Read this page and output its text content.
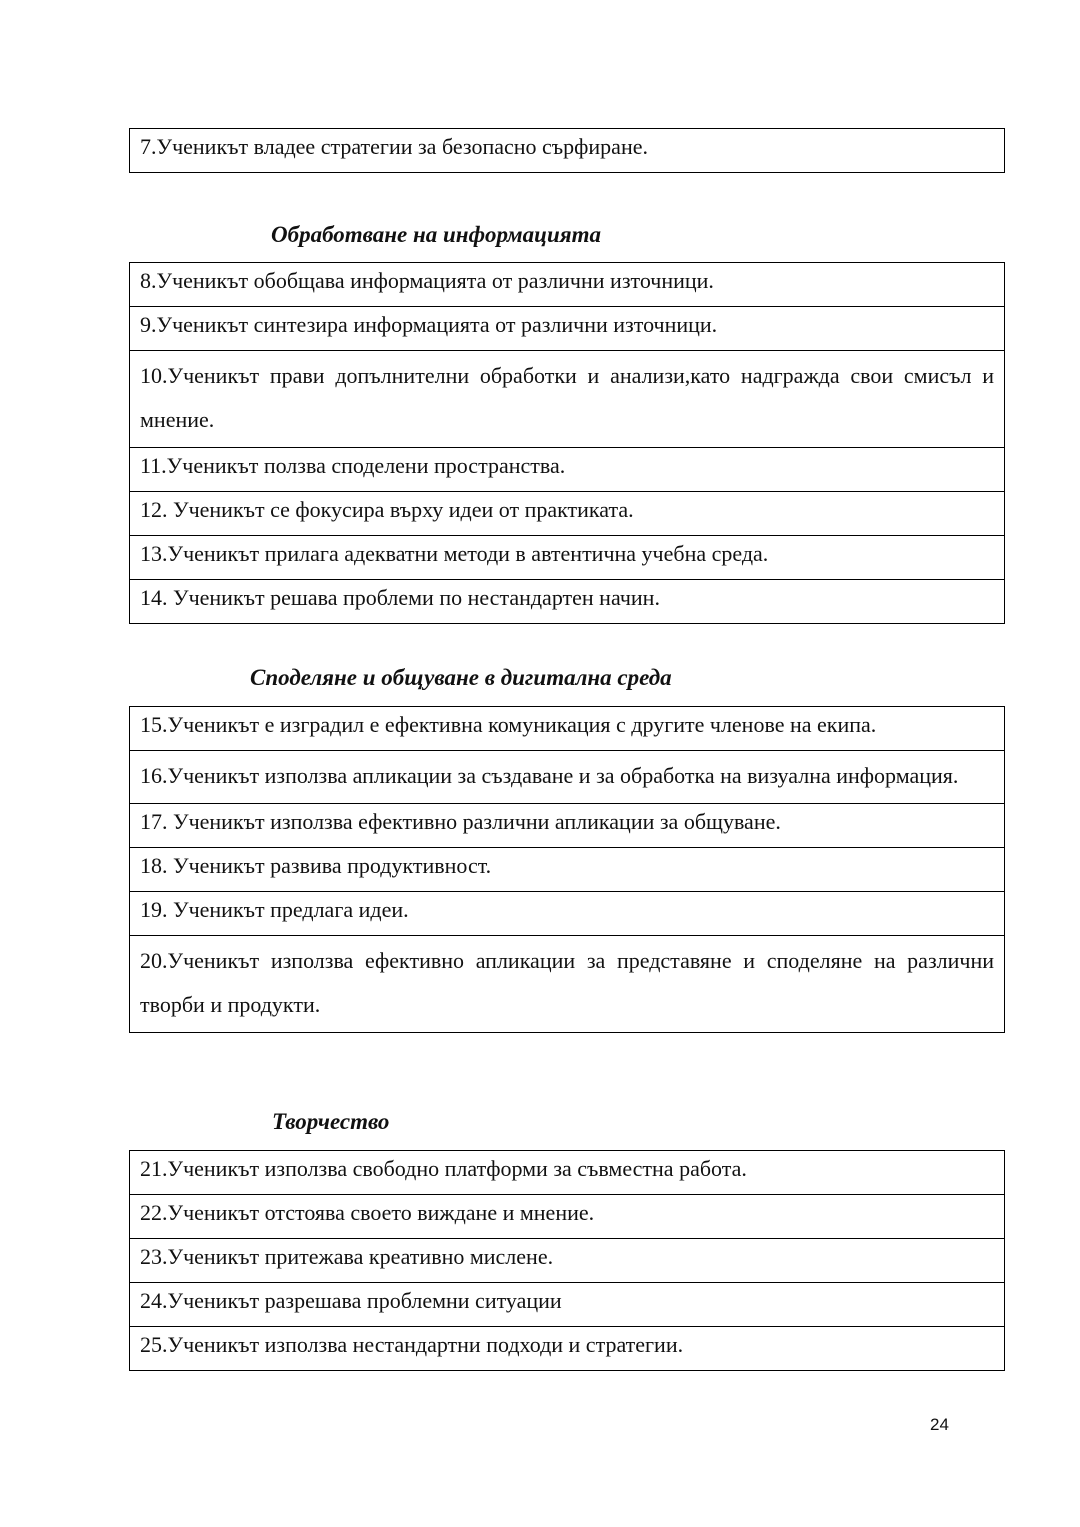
7.Ученикът владее стратегии за безопасно сърфиране.
Обработване на информацията
8.Ученикът обобщава информацията от различни източници.
9.Ученикът синтезира информацията от различни източници.
10.Ученикът прави допълнителни обработки и анализи,като надгражда свои смисъл и мнение.
11.Ученикът ползва споделени пространства.
12. Ученикът се фокусира върху идеи от практиката.
13.Ученикът прилага адекватни методи в автентична учебна среда.
14. Ученикът решава проблеми по нестандартен начин.
Споделяне и общуване в дигитална среда
15.Ученикът е изградил е ефективна комуникация с другите членове на екипа.
16.Ученикът използва апликации за създаване и за обработка на визуална информация.
17. Ученикът използва ефективно различни апликации за общуване.
18. Ученикът развива продуктивност.
19. Ученикът предлага идеи.
20.Ученикът използва ефективно апликации за представяне и споделяне на различни творби и продукти.
Творчество
21.Ученикът използва свободно платформи за съвместна работа.
22.Ученикът отстоява своето виждане и мнение.
23.Ученикът притежава креативно мислене.
24.Ученикът разрешава проблемни ситуации
25.Ученикът използва нестандартни подходи и стратегии.
24
